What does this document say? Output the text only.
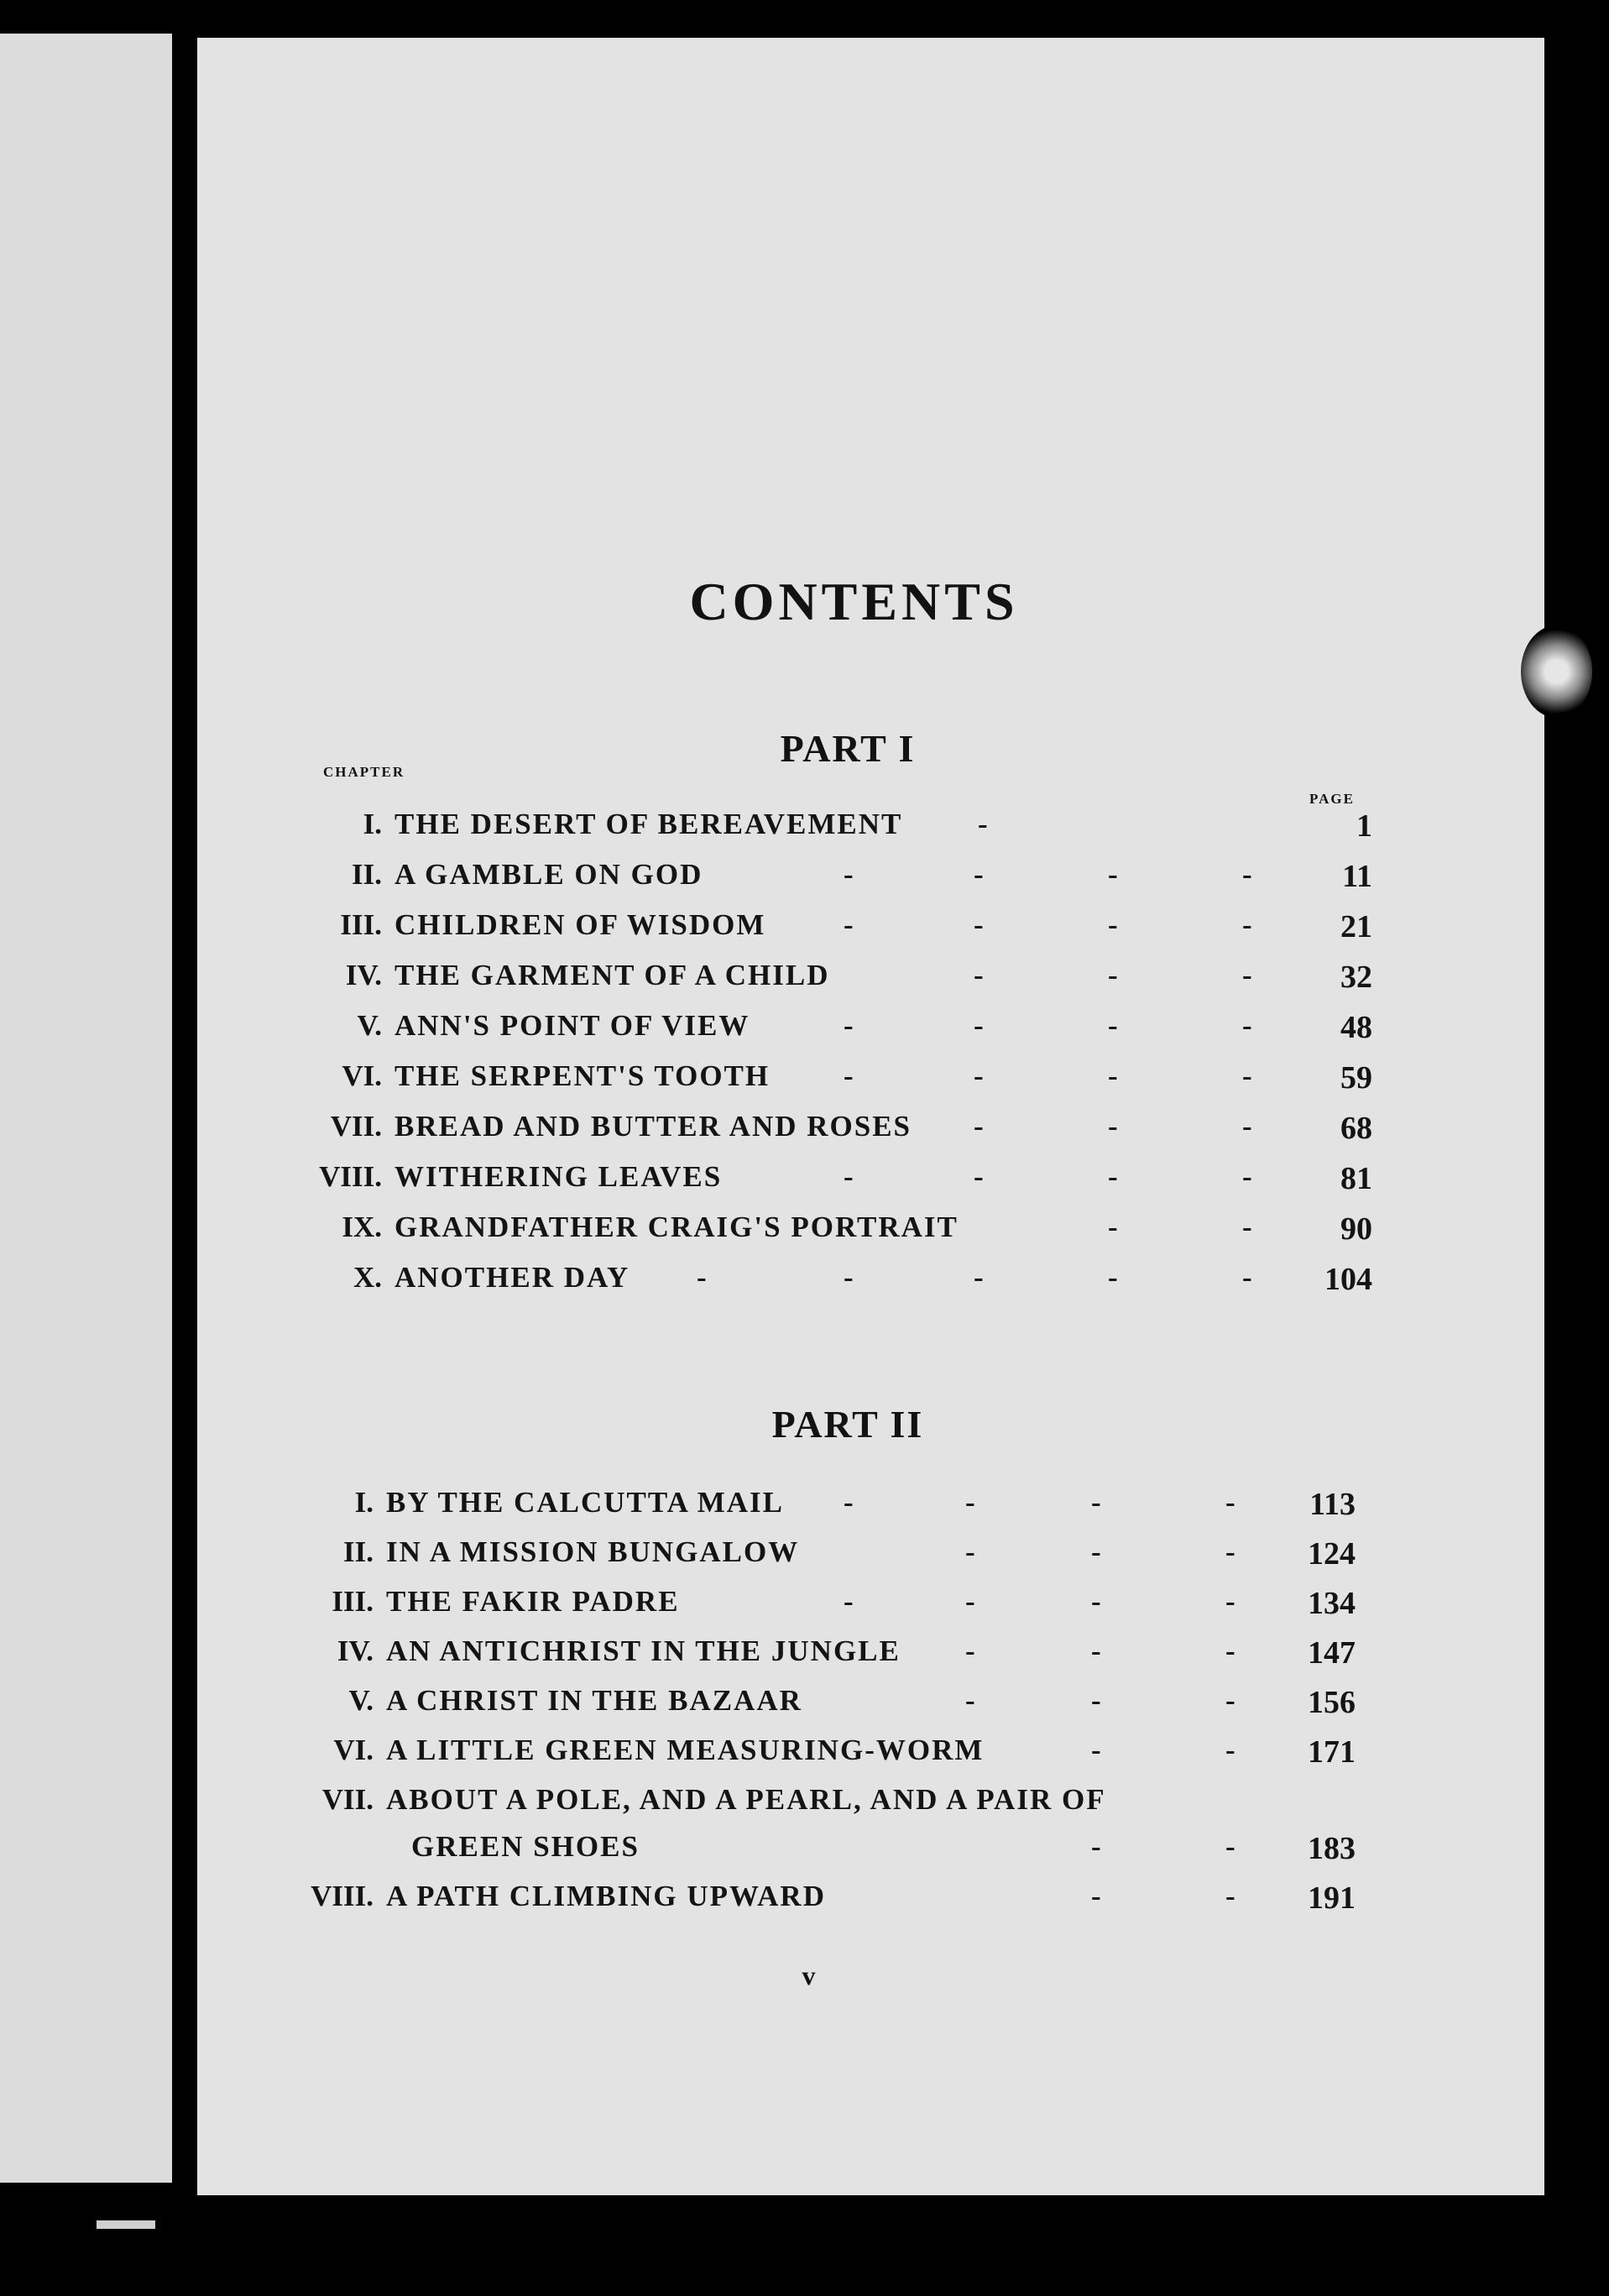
CONTENTS
PART I
CHAPTER
PAGE
I. THE DESERT OF BEREAVEMENT	-	1
II. A GAMBLE ON GOD	-	-	-	-	11
III. CHILDREN OF WISDOM	-	-	-	-	21
IV. THE GARMENT OF A CHILD	-	-	-	32
V. ANN'S POINT OF VIEW	-	-	-	-	48
VI. THE SERPENT'S TOOTH	-	-	-	-	59
VII. BREAD AND BUTTER AND ROSES -	-	-	68
VIII. WITHERING LEAVES	-	-	-	-	81
IX. GRANDFATHER CRAIG'S PORTRAIT	-	-	90
X. ANOTHER DAY -	-	-	-	- 104
PART II
I. BY THE CALCUTTA MAIL -	-	-	- 113
II. IN A MISSION BUNGALOW	-	-	- 124
III. THE FAKIR PADRE	-	-	-	- 134
IV. AN ANTICHRIST IN THE JUNGLE -	-	- 147
V. A CHRIST IN THE BAZAAR	-	-	- 156
VI. A LITTLE GREEN MEASURING-WORM	-	- 171
VII. ABOUT A POLE, AND A PEARL, AND A PAIR OF
GREEN SHOES	-	- 183
VIII. A PATH CLIMBING UPWARD	-	- 191
v
